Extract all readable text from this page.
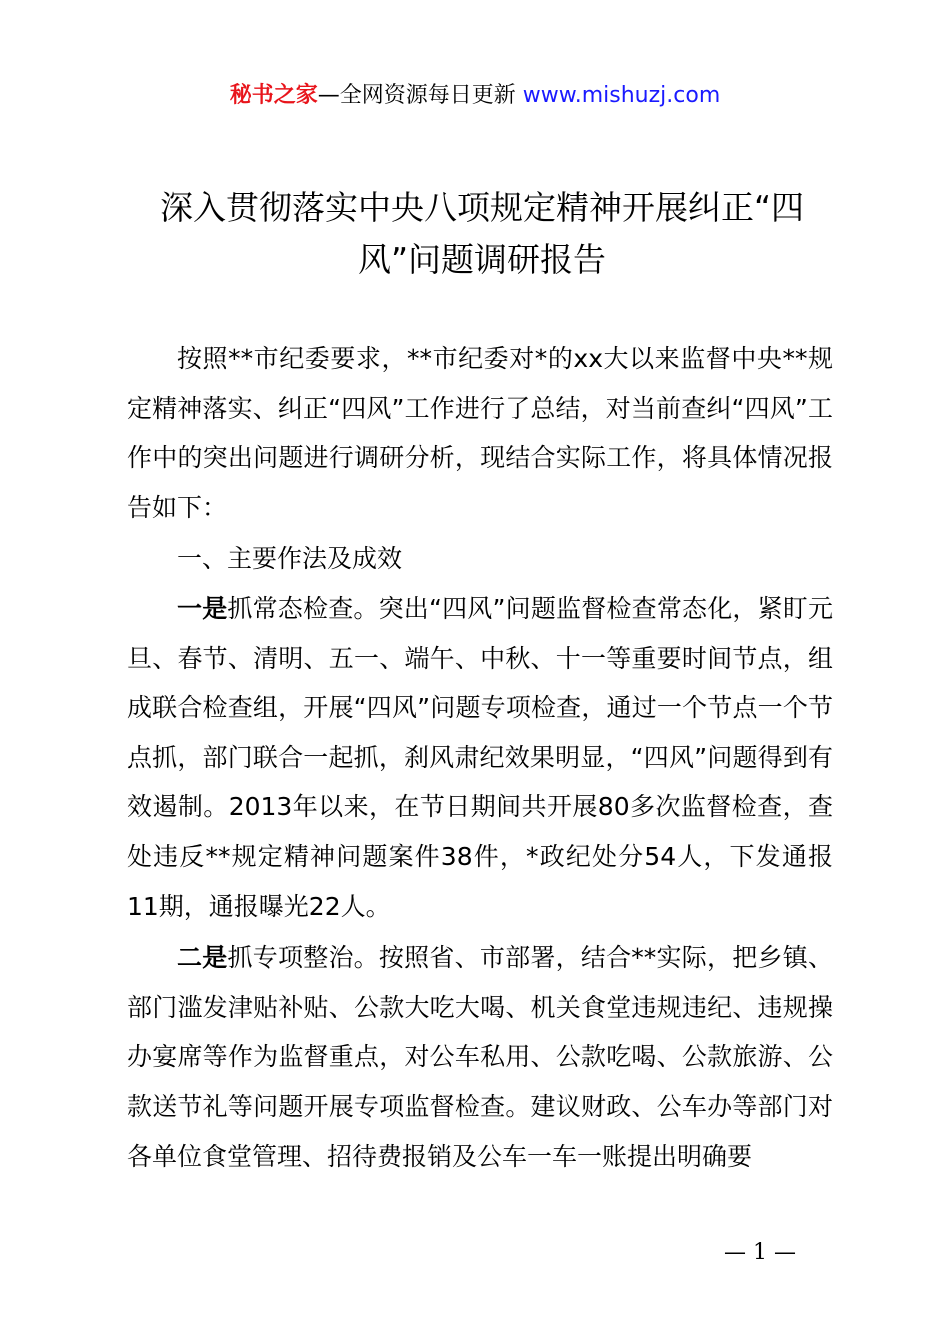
秘书之家—全网资源每日更新 www.mishuzj.com
深入贯彻落实中央八项规定精神开展纠正“四风”问题调研报告

按照**市纪委要求，**市纪委对*的xx大以来监督中央**规定精神落实、纠正“四风”工作进行了总结，对当前查纠“四风”工作中的突出问题进行调研分析，现结合实际工作，将具体情况报告如下：

一、主要作法及成效

一是抓常态检查。突出“四风”问题监督检查常态化，紧盯元旦、春节、清明、五一、端午、中秋、十一等重要时间节点，组成联合检查组，开展“四风”问题专项检查，通过一个节点一个节点抓，部门联合一起抓，刹风肃纪效果明显，“四风”问题得到有效遏制。2013年以来，在节日期间共开展80多次监督检查，查处违反**规定精神问题案件38件，*政纪处分54人，下发通报11期，通报曝光22人。

二是抓专项整治。按照省、市部署，结合**实际，把乡镇、部门滥发津贴补贴、公款大吃大喝、机关食堂违规违纪、违规操办宴席等作为监督重点，对公车私用、公款吃喝、公款旅游、公款送节礼等问题开展专项监督检查。建议财政、公车办等部门对各单位食堂管理、招待费报销及公车一车一账提出明确要

— 1 —
